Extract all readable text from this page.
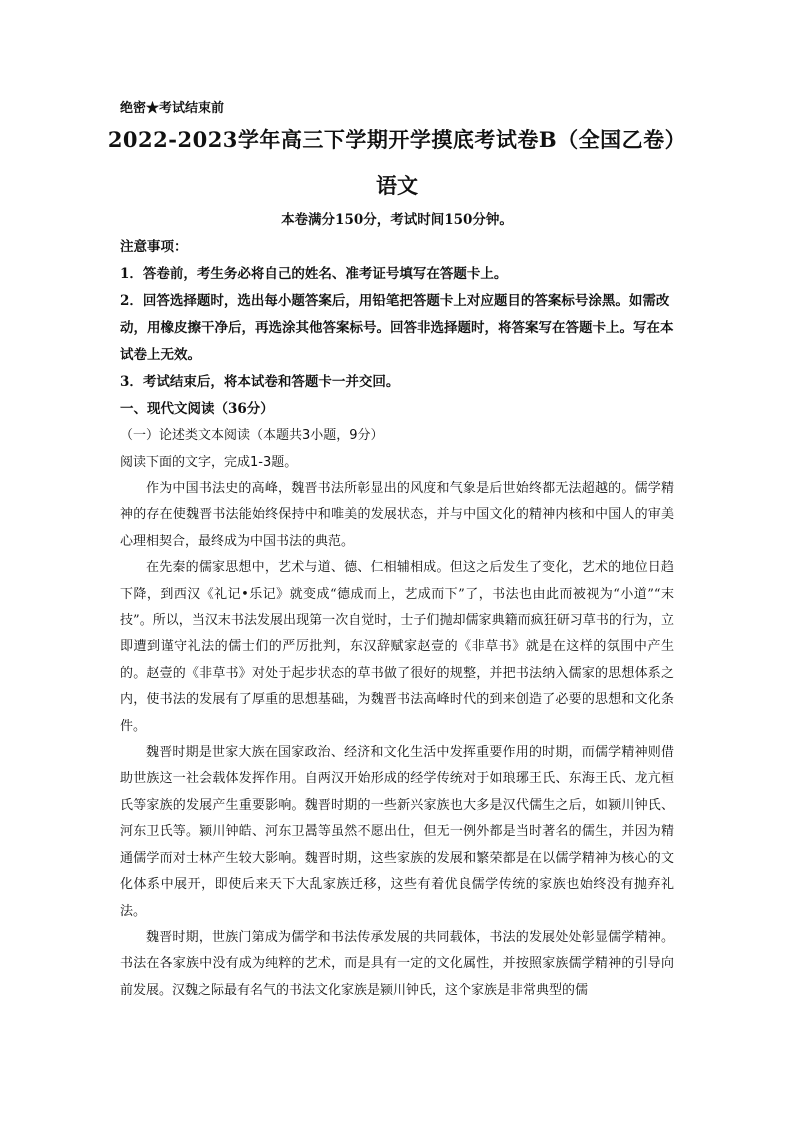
绝密★考试结束前
2022-2023学年高三下学期开学摸底考试卷B（全国乙卷）
语文
本卷满分150分，考试时间150分钟。

注意事项：

1．答卷前，考生务必将自己的姓名、准考证号填写在答题卡上。

2．回答选择题时，选出每小题答案后，用铅笔把答题卡上对应题目的答案标号涂黑。如需改动，用橡皮擦干净后，再选涂其他答案标号。回答非选择题时，将答案写在答题卡上。写在本试卷上无效。

3．考试结束后，将本试卷和答题卡一并交回。

一、现代文阅读（36分）
（一）论述类文本阅读（本题共3小题，9分）
阅读下面的文字，完成1-3题。

作为中国书法史的高峰，魏晋书法所彰显出的风度和气象是后世始终都无法超越的。儒学精神的存在使魏晋书法能始终保持中和唯美的发展状态，并与中国文化的精神内核和中国人的审美心理相契合，最终成为中国书法的典范。

在先秦的儒家思想中，艺术与道、德、仁相辅相成。但这之后发生了变化，艺术的地位日趋下降，到西汉《礼记•乐记》就变成“德成而上，艺成而下”了，书法也由此而被视为“小道”“末技”。所以，当汉末书法发展出现第一次自觉时，士子们抛却儒家典籍而疯狂研习草书的行为，立即遭到谨守礼法的儒士们的严厉批判，东汉辞赋家赵壹的《非草书》就是在这样的氛围中产生的。赵壹的《非草书》对处于起步状态的草书做了很好的规整，并把书法纳入儒家的思想体系之内，使书法的发展有了厚重的思想基础，为魏晋书法高峰时代的到来创造了必要的思想和文化条件。

魏晋时期是世家大族在国家政治、经济和文化生活中发挥重要作用的时期，而儒学精神则借助世族这一社会载体发挥作用。自两汉开始形成的经学传统对于如琅琊王氏、东海王氏、龙亢桓氏等家族的发展产生重要影响。魏晋时期的一些新兴家族也大多是汉代儒生之后，如颍川钟氏、河东卫氏等。颍川钟皓、河东卫暠等虽然不愿出仕，但无一例外都是当时著名的儒生，并因为精通儒学而对士林产生较大影响。魏晋时期，这些家族的发展和繁荣都是在以儒学精神为核心的文化体系中展开，即使后来天下大乱家族迁移，这些有着优良儒学传统的家族也始终没有抛弃礼法。

魏晋时期，世族门第成为儒学和书法传承发展的共同载体，书法的发展处处彰显儒学精神。书法在各家族中没有成为纯粹的艺术，而是具有一定的文化属性，并按照家族儒学精神的引导向前发展。汉魏之际最有名气的书法文化家族是颍川钟氏，这个家族是非常典型的儒
